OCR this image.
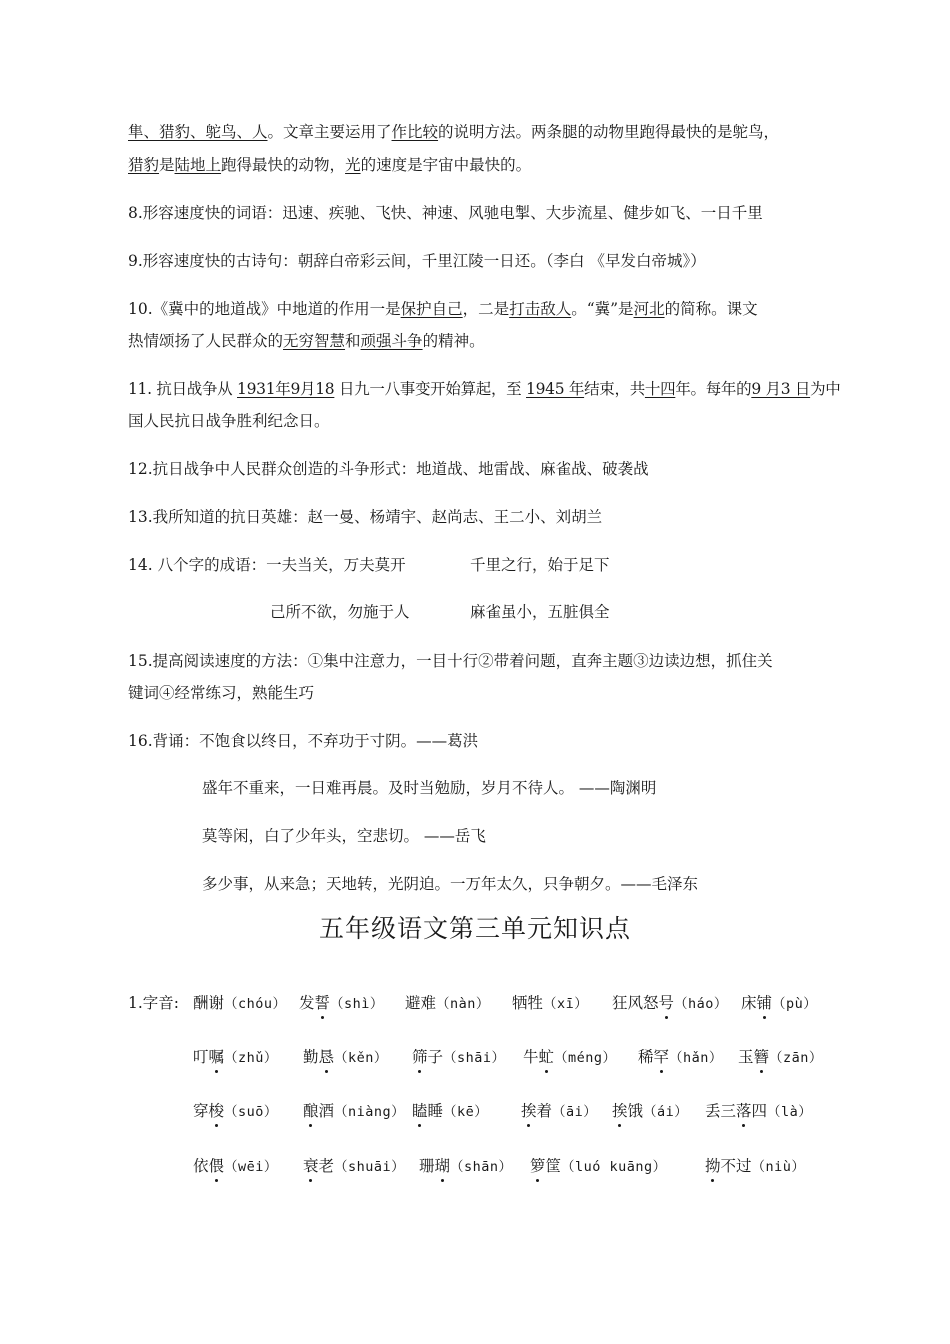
隼、猎豹、鸵鸟、人。文章主要运用了作比较的说明方法。两条腿的动物里跑得最快的是鸵鸟，
猎豹是陆地上跑得最快的动物，光的速度是宇宙中最快的。
8.形容速度快的词语：迅速、疾驰、飞快、神速、风驰电掣、大步流星、健步如飞、一日千里
9.形容速度快的古诗句：朝辞白帝彩云间，千里江陵一日还。（李白 《早发白帝城》）
10.《冀中的地道战》中地道的作用一是保护自己，二是打击敌人。“冀”是河北的简称。课文
热情颂扬了人民群众的无穷智慧和顽强斗争的精神。
11. 抗日战争从 1931年9月18 日九一八事变开始算起，至 1945 年结束，共十四年。每年的9 月3 日为中
国人民抗日战争胜利纪念日。
12.抗日战争中人民群众创造的斗争形式：地道战、地雷战、麻雀战、破袭战
13.我所知道的抗日英雄：赵一曼、杨靖宇、赵尚志、王二小、刘胡兰
14. 八个字的成语：一夫当关，万夫莫开	千里之行，始于足下
己所不欲，勿施于人	麻雀虽小，五脏俱全
15.提高阅读速度的方法：①集中注意力，一目十行②带着问题，直奔主题③边读边想，抓住关
键词④经常练习，熟能生巧
16.背诵：不饱食以终日，不弃功于寸阴。——葛洪
盛年不重来，一日难再晨。及时当勉励，岁月不待人。 ——陶渊明
莫等闲，白了少年头，空悲切。 ——岳飞
多少事，从来急；天地转，光阴迫。一万年太久，只争朝夕。——毛泽东
五年级语文第三单元知识点
1.字音: 酬谢（chóu） 发誓（shì） 避难（nàn） 牺牲（xī） 狂风怒号（háo） 床铺（pù）
叮嘱（zhǔ） 勤恳（kěn） 筛子（shāi） 牛虻（méng） 稀罕（hǎn） 玉簪（zān）
穿梭（suō） 酿酒（niàng） 瞌睡（kē） 挨着（āi） 挨饿（ái） 丢三落四（là）
依偎（wēi） 衰老（shuāi） 珊瑚（shān） 箩筐（luó kuāng） 拗不过（niù）
